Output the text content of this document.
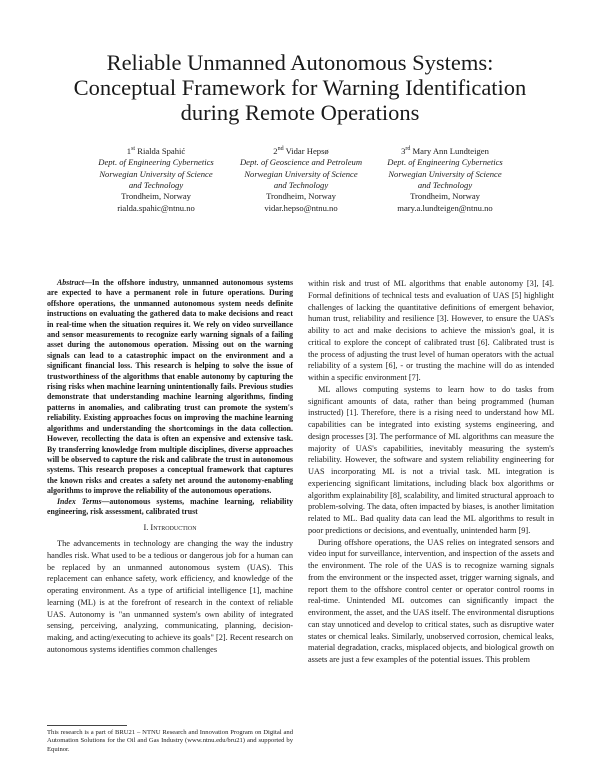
Reliable Unmanned Autonomous Systems:
Conceptual Framework for Warning Identification
during Remote Operations
1st Rialda Spahić
Dept. of Engineering Cybernetics
Norwegian University of Science
and Technology
Trondheim, Norway
rialda.spahic@ntnu.no
2nd Vidar Hepsø
Dept. of Geoscience and Petroleum
Norwegian University of Science
and Technology
Trondheim, Norway
vidar.hepso@ntnu.no
3rd Mary Ann Lundteigen
Dept. of Engineering Cybernetics
Norwegian University of Science
and Technology
Trondheim, Norway
mary.a.lundteigen@ntnu.no

Abstract—In the offshore industry, unmanned autonomous systems are expected to have a permanent role in future operations. During offshore operations, the unmanned autonomous system needs definite instructions on evaluating the gathered data to make decisions and react in real-time when the situation requires it. We rely on video surveillance and sensor measurements to recognize early warning signals of a failing asset during the autonomous operation. Missing out on the warning signals can lead to a catastrophic impact on the environment and a significant financial loss. This research is helping to solve the issue of trustworthiness of the algorithms that enable autonomy by capturing the rising risks when machine learning unintentionally fails. Previous studies demonstrate that understanding machine learning algorithms, finding patterns in anomalies, and calibrating trust can promote the system's reliability. Existing approaches focus on improving the machine learning algorithms and understanding the shortcomings in the data collection. However, recollecting the data is often an expensive and extensive task. By transferring knowledge from multiple disciplines, diverse approaches will be observed to capture the risk and calibrate the trust in autonomous systems. This research proposes a conceptual framework that captures the known risks and creates a safety net around the autonomy-enabling algorithms to improve the reliability of the autonomous operations.

Index Terms—autonomous systems, machine learning, reliability engineering, risk assessment, calibrated trust

I. Introduction

The advancements in technology are changing the way the industry handles risk. What used to be a tedious or dangerous job for a human can be replaced by an unmanned autonomous system (UAS). This replacement can enhance safety, work efficiency, and knowledge of the operating environment. As a type of artificial intelligence [1], machine learning (ML) is at the forefront of research in the context of reliable UAS. Autonomy is "an unmanned system's own ability of integrated sensing, perceiving, analyzing, communicating, planning, decision-making, and acting/executing to achieve its goals" [2]. Recent research on autonomous systems identifies common challenges

This research is a part of BRU21 – NTNU Research and Innovation Program on Digital and Automation Solutions for the Oil and Gas Industry (www.ntnu.edu/bru21) and supported by Equinor.

within risk and trust of ML algorithms that enable autonomy [3], [4]. Formal definitions of technical tests and evaluation of UAS [5] highlight challenges of lacking the quantitative definitions of emergent behavior, human trust, reliability and resilience [3]. However, to ensure the UAS's ability to act and make decisions to achieve the mission's goal, it is critical to explore the concept of calibrated trust [6]. Calibrated trust is the process of adjusting the trust level of human operators with the actual reliability of a system [6], - or trusting the machine will do as intended within a specific environment [7].

ML allows computing systems to learn how to do tasks from significant amounts of data, rather than being programmed (human instructed) [1]. Therefore, there is a rising need to understand how ML capabilities can be integrated into existing systems engineering, and design processes [3]. The performance of ML algorithms can measure the majority of UAS's capabilities, inevitably measuring the system's reliability. However, the software and system reliability engineering for UAS incorporating ML is not a trivial task. ML integration is experiencing significant limitations, including black box algorithms or algorithm explainability [8], scalability, and limited structural approach to problem-solving. The data, often impacted by biases, is another limitation related to ML. Bad quality data can lead the ML algorithms to result in poor predictions or decisions, and eventually, unintended harm [9].

During offshore operations, the UAS relies on integrated sensors and video input for surveillance, intervention, and inspection of the assets and the environment. The role of the UAS is to recognize warning signals from the environment or the inspected asset, trigger warning signals, and report them to the offshore control center or operator control rooms in real-time. Unintended ML outcomes can significantly impact the environment, the asset, and the UAS itself. The environmental disruptions can stay unnoticed and develop to critical states, such as disruptive water states or chemical leaks. Similarly, unobserved corrosion, chemical leaks, material degradation, cracks, misplaced objects, and biological growth on assets are just a few examples of the potential issues. This problem
